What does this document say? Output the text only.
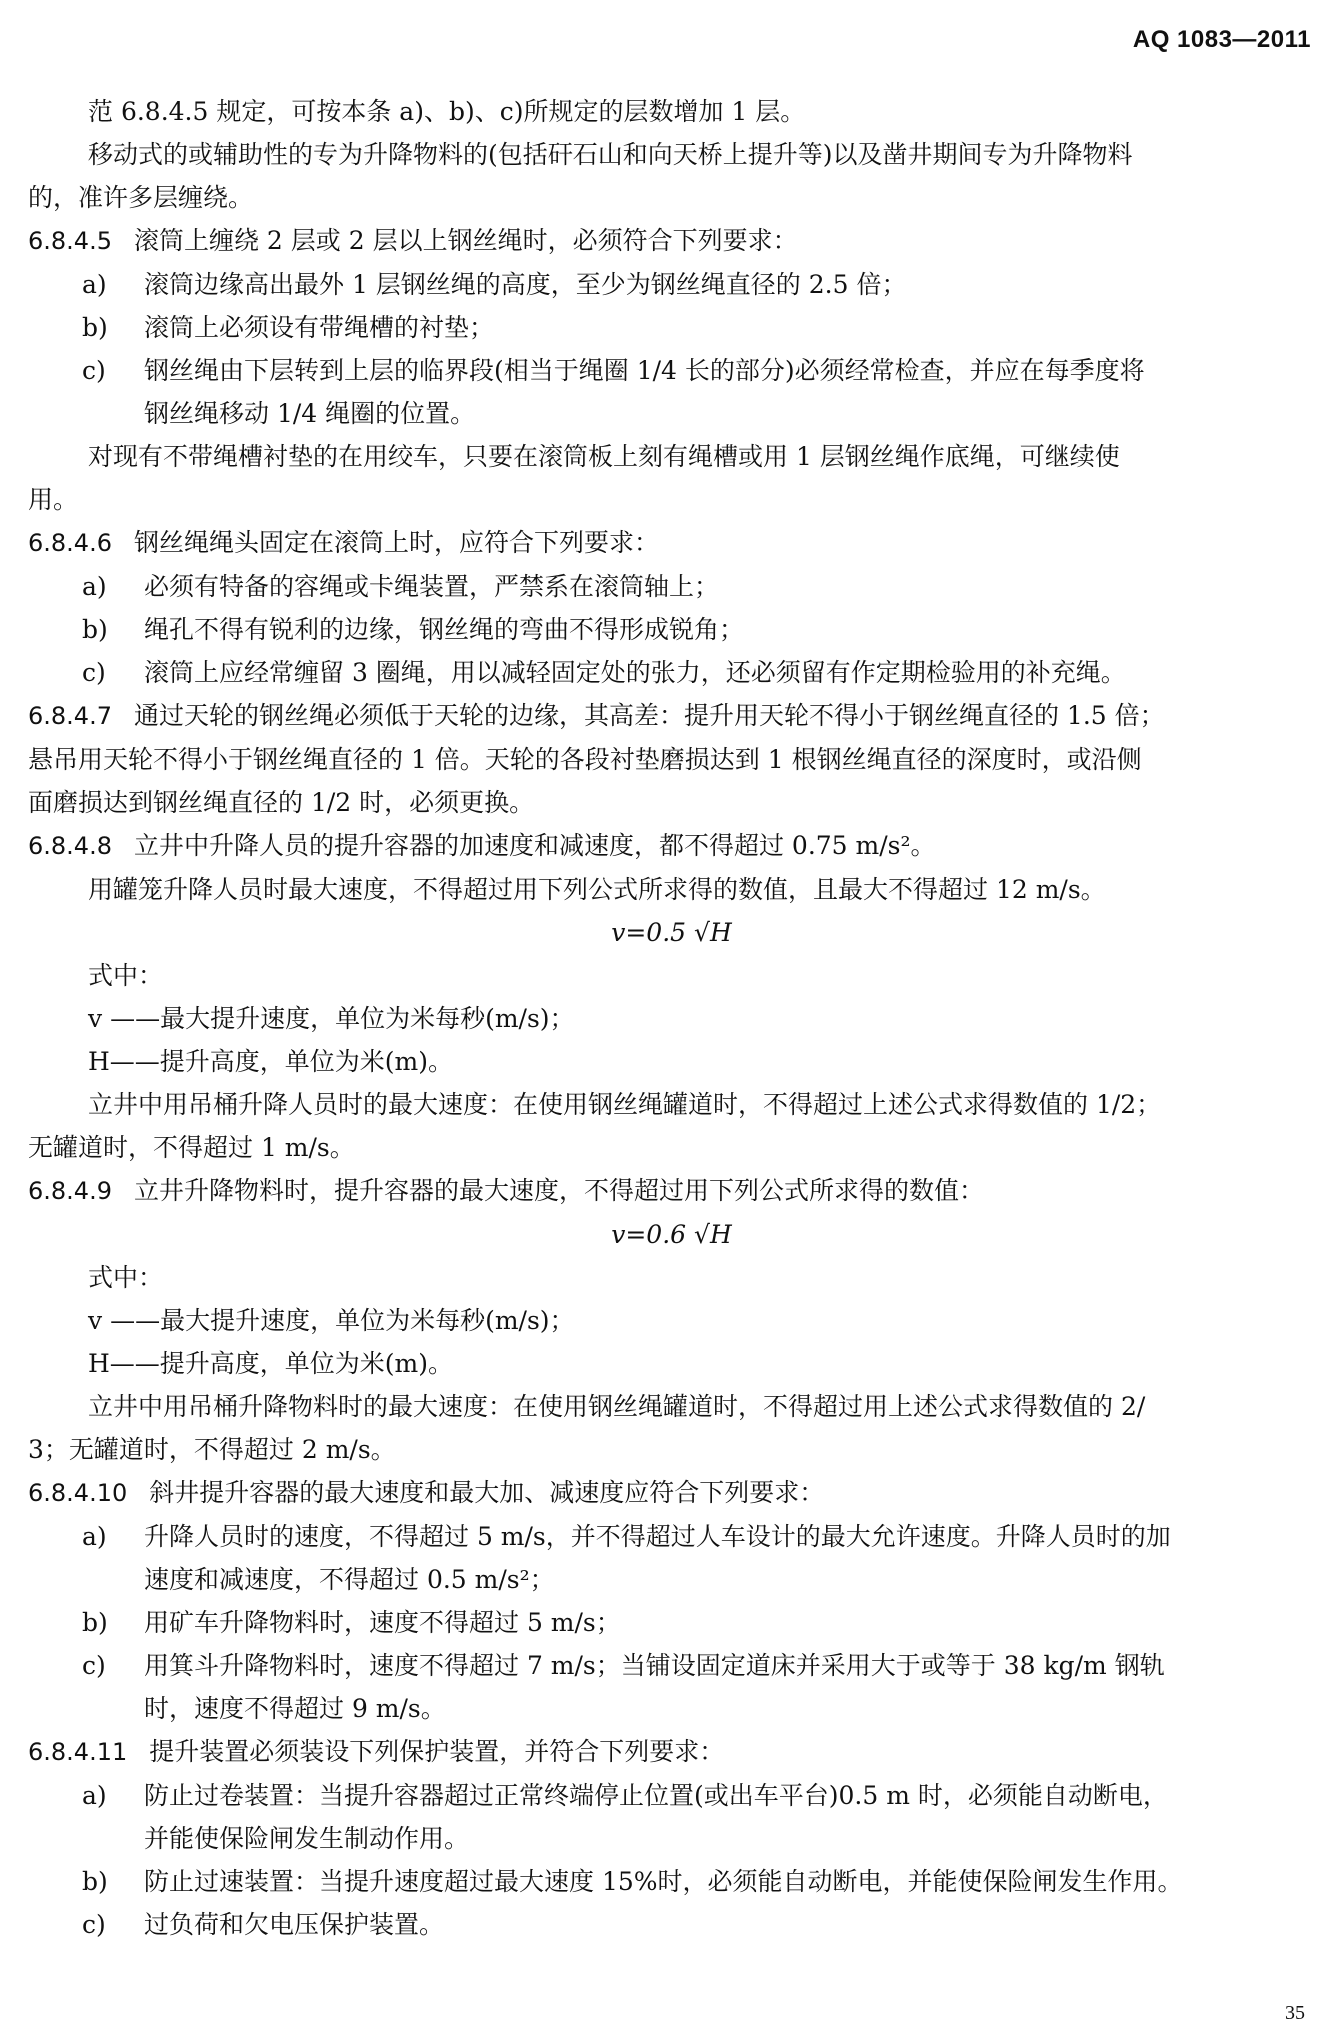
AQ 1083—2011
范 6.8.4.5 规定，可按本条 a)、b)、c)所规定的层数增加 1 层。
移动式的或辅助性的专为升降物料的(包括矸石山和向天桥上提升等)以及凿井期间专为升降物料
的，准许多层缠绕。
6.8.4.5 滚筒上缠绕 2 层或 2 层以上钢丝绳时，必须符合下列要求：
a) 滚筒边缘高出最外 1 层钢丝绳的高度，至少为钢丝绳直径的 2.5 倍；
b) 滚筒上必须设有带绳槽的衬垫；
c) 钢丝绳由下层转到上层的临界段(相当于绳圈 1/4 长的部分)必须经常检查，并应在每季度将
钢丝绳移动 1/4 绳圈的位置。
对现有不带绳槽衬垫的在用绞车，只要在滚筒板上刻有绳槽或用 1 层钢丝绳作底绳，可继续使
用。
6.8.4.6 钢丝绳绳头固定在滚筒上时，应符合下列要求：
a) 必须有特备的容绳或卡绳装置，严禁系在滚筒轴上；
b) 绳孔不得有锐利的边缘，钢丝绳的弯曲不得形成锐角；
c) 滚筒上应经常缠留 3 圈绳，用以减轻固定处的张力，还必须留有作定期检验用的补充绳。
6.8.4.7 通过天轮的钢丝绳必须低于天轮的边缘，其高差：提升用天轮不得小于钢丝绳直径的 1.5 倍；
悬吊用天轮不得小于钢丝绳直径的 1 倍。天轮的各段衬垫磨损达到 1 根钢丝绳直径的深度时，或沿侧
面磨损达到钢丝绳直径的 1/2 时，必须更换。
6.8.4.8 立井中升降人员的提升容器的加速度和减速度，都不得超过 0.75 m/s²。
用罐笼升降人员时最大速度，不得超过用下列公式所求得的数值，且最大不得超过 12 m/s。
v=0.5 √H
式中：
v ——最大提升速度，单位为米每秒(m/s)；
H——提升高度，单位为米(m)。
立井中用吊桶升降人员时的最大速度：在使用钢丝绳罐道时，不得超过上述公式求得数值的 1/2；
无罐道时，不得超过 1 m/s。
6.8.4.9 立井升降物料时，提升容器的最大速度，不得超过用下列公式所求得的数值：
v=0.6 √H
式中：
v ——最大提升速度，单位为米每秒(m/s)；
H——提升高度，单位为米(m)。
立井中用吊桶升降物料时的最大速度：在使用钢丝绳罐道时，不得超过用上述公式求得数值的 2/
3；无罐道时，不得超过 2 m/s。
6.8.4.10 斜井提升容器的最大速度和最大加、减速度应符合下列要求：
a) 升降人员时的速度，不得超过 5 m/s，并不得超过人车设计的最大允许速度。升降人员时的加
速度和减速度，不得超过 0.5 m/s²；
b) 用矿车升降物料时，速度不得超过 5 m/s；
c) 用箕斗升降物料时，速度不得超过 7 m/s；当铺设固定道床并采用大于或等于 38 kg/m 钢轨
时，速度不得超过 9 m/s。
6.8.4.11 提升装置必须装设下列保护装置，并符合下列要求：
a) 防止过卷装置：当提升容器超过正常终端停止位置(或出车平台)0.5 m 时，必须能自动断电，
并能使保险闸发生制动作用。
b) 防止过速装置：当提升速度超过最大速度 15%时，必须能自动断电，并能使保险闸发生作用。
c) 过负荷和欠电压保护装置。
35
